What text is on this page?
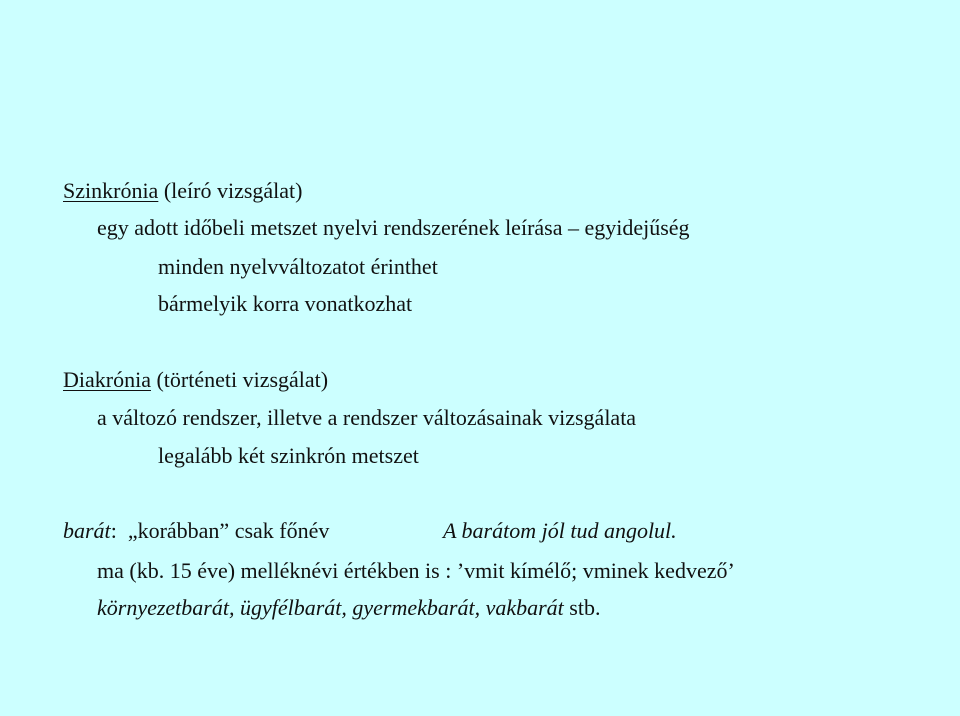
Szinkrónia (leíró vizsgálat)
egy adott időbeli metszet nyelvi rendszerének leírása – egyidejűség
minden nyelvváltozatot érinthet
bármelyik korra vonatkozhat
Diakrónia (történeti vizsgálat)
a változó rendszer, illetve a rendszer változásainak vizsgálata
legalább két szinkrón metszet
barát:  „korábban” csak főnév	A barátom jól tud angolul.
ma (kb. 15 éve) melléknévi értékben is : ’vmit kímélő; vminek kedvező’
környezetbarát, ügyfélbarát, gyermekbarát, vakbarát stb.
